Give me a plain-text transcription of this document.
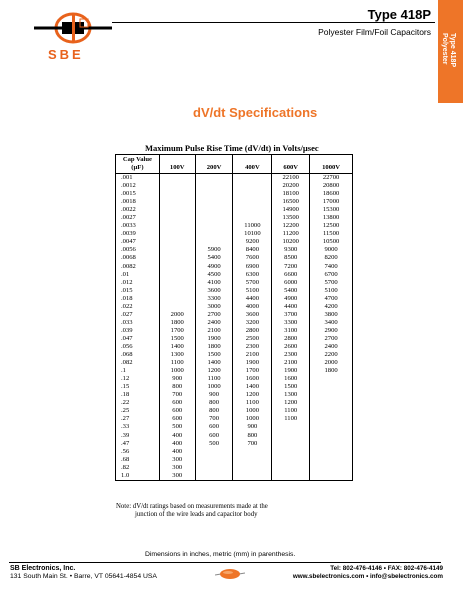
SBE
Type 418P
Polyester Film/Foil Capacitors
Type 418P
Polyester
dV/dt Specifications
Maximum Pulse Rise Time (dV/dt) in Volts/µsec
Cap Value (µF)	100V	200V	400V	600V	1000V
.001				22100	22700
.0012				20200	20800
.0015				18100	18600
.0018				16500	17000
.0022				14900	15300
.0027				13500	13800
.0033			11000	12200	12500
.0039			10100	11200	11500
.0047			9200	10200	10500
.0056		5900	8400	9300	9000
.0068		5400	7600	8500	8200
.0082		4900	6900	7200	7400
.01		4500	6300	6600	6700
.012		4100	5700	6000	5700
.015		3600	5100	5400	5100
.018		3300	4400	4900	4700
.022		3000	4000	4400	4200
.027	2000	2700	3600	3700	3800
.033	1800	2400	3200	3300	3400
.039	1700	2100	2800	3100	2900
.047	1500	1900	2500	2800	2700
.056	1400	1800	2300	2600	2400
.068	1300	1500	2100	2300	2200
.082	1100	1400	1900	2100	2000
.1	1000	1200	1700	1900	1800
.12	900	1100	1600	1600	
.15	800	1000	1400	1500	
.18	700	900	1200	1300	
.22	600	800	1100	1200	
.25	600	800	1000	1100	
.27	600	700	1000	1100	
.33	500	600	900		
.39	400	600	800		
.47	400	500	700		
.56	400				
.68	300				
.82	300				
1.0	300				
Note: dV/dt ratings based on measurements made at the
junction of the wire leads and capacitor body
Dimensions in inches, metric (mm) in parenthesis.
SB Electronics, Inc.
131 South Main St. • Barre, VT 05641-4854 USA
Tel: 802-476-4146 • FAX: 802-476-4149
www.sbelectronics.com • info@sbelectronics.com
